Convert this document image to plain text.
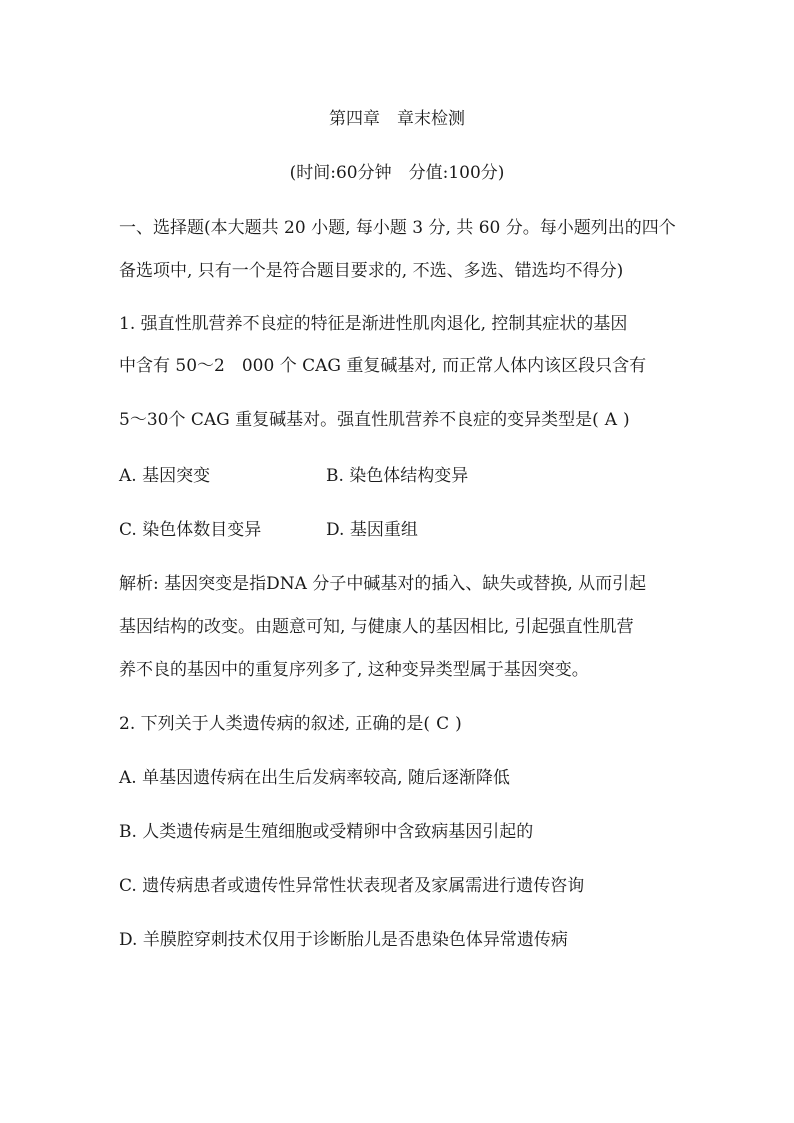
第四章　章末检测
(时间:60分钟　分值:100分)
一、选择题(本大题共 20 小题, 每小题 3 分, 共 60 分。每小题列出的四个
备选项中, 只有一个是符合题目要求的, 不选、多选、错选均不得分)
1. 强直性肌营养不良症的特征是渐进性肌肉退化, 控制其症状的基因
中含有 50～2　000 个 CAG 重复碱基对, 而正常人体内该区段只含有
5～30个 CAG 重复碱基对。强直性肌营养不良症的变异类型是( A )
A. 基因突变	B. 染色体结构变异
C. 染色体数目变异	D. 基因重组
解析: 基因突变是指DNA 分子中碱基对的插入、缺失或替换, 从而引起
基因结构的改变。由题意可知, 与健康人的基因相比, 引起强直性肌营
养不良的基因中的重复序列多了, 这种变异类型属于基因突变。
2. 下列关于人类遗传病的叙述, 正确的是( C )
A. 单基因遗传病在出生后发病率较高, 随后逐渐降低
B. 人类遗传病是生殖细胞或受精卵中含致病基因引起的
C. 遗传病患者或遗传性异常性状表现者及家属需进行遗传咨询
D. 羊膜腔穿刺技术仅用于诊断胎儿是否患染色体异常遗传病
